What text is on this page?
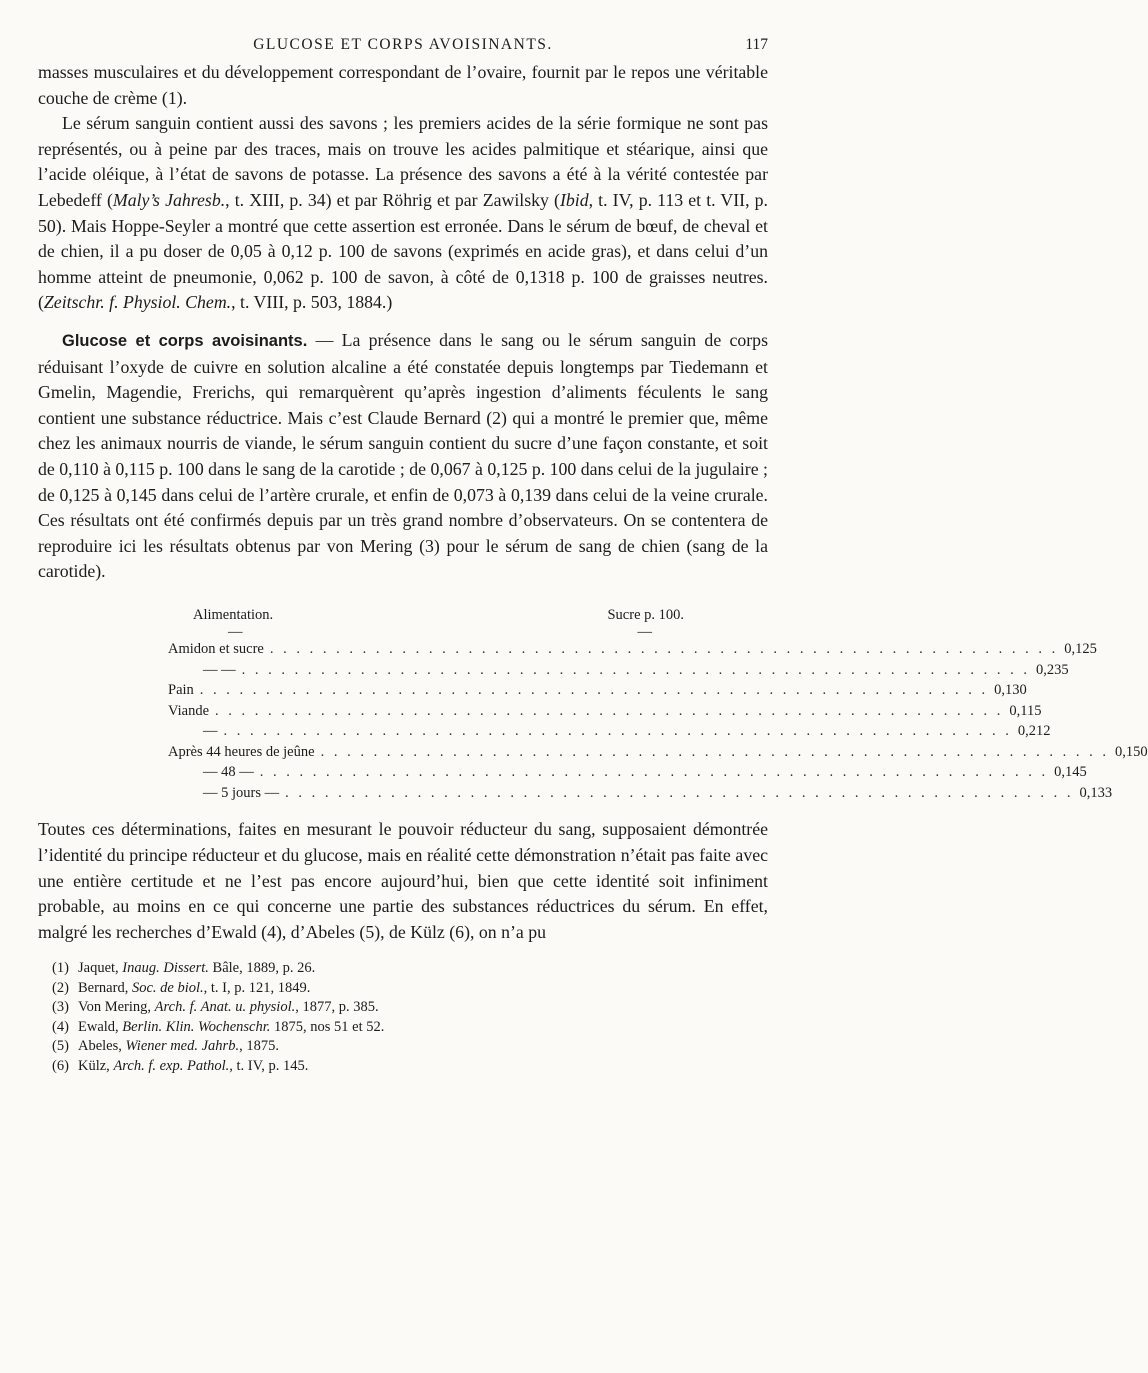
GLUCOSE ET CORPS AVOISINANTS.	117

masses musculaires et du développement correspondant de l’ovaire, fournit par le repos une véritable couche de crème (1).

Le sérum sanguin contient aussi des savons ; les premiers acides de la série formique ne sont pas représentés, ou à peine par des traces, mais on trouve les acides palmitique et stéarique, ainsi que l’acide oléique, à l’état de savons de potasse. La présence des savons a été à la vérité contestée par Lebedeff (Maly’s Jahresb., t. XIII, p. 34) et par Röhrig et par Zawilsky (Ibid, t. IV, p. 113 et t. VII, p. 50). Mais Hoppe-Seyler a montré que cette assertion est erronée. Dans le sérum de bœuf, de cheval et de chien, il a pu doser de 0,05 à 0,12 p. 100 de savons (exprimés en acide gras), et dans celui d’un homme atteint de pneumonie, 0,062 p. 100 de savon, à côté de 0,1318 p. 100 de graisses neutres. (Zeitschr. f. Physiol. Chem., t. VIII, p. 503, 1884.)

Glucose et corps avoisinants. — La présence dans le sang ou le sérum sanguin de corps réduisant l’oxyde de cuivre en solution alcaline a été constatée depuis longtemps par Tiedemann et Gmelin, Magendie, Frerichs, qui remarquèrent qu’après ingestion d’aliments féculents le sang contient une substance réductrice. Mais c’est Claude Bernard (2) qui a montré le premier que, même chez les animaux nourris de viande, le sérum sanguin contient du sucre d’une façon constante, et soit de 0,110 à 0,115 p. 100 dans le sang de la carotide ; de 0,067 à 0,125 p. 100 dans celui de la jugulaire ; de 0,125 à 0,145 dans celui de l’artère crurale, et enfin de 0,073 à 0,139 dans celui de la veine crurale. Ces résultats ont été confirmés depuis par un très grand nombre d’observateurs. On se contentera de reproduire ici les résultats obtenus par von Mering (3) pour le sérum de sang de chien (sang de la carotide).

Alimentation.	Sucre p. 100.
—	—
Amidon et sucre . . . . . . . . . . . . . . . . . . . . . . . . . . . . . . . . . . . . . . . . . . . . . . . . . . . . . . . . . . . . 0,125
— — . . . . . . . . . . . . . . . . . . . . . . . . . . . . . . . . . . . . . . . . . . . . . . . . . . . . . . . . . . . . 0,235
Pain . . . . . . . . . . . . . . . . . . . . . . . . . . . . . . . . . . . . . . . . . . . . . . . . . . . . . . . . . . . . 0,130
Viande . . . . . . . . . . . . . . . . . . . . . . . . . . . . . . . . . . . . . . . . . . . . . . . . . . . . . . . . . . . . 0,115
— . . . . . . . . . . . . . . . . . . . . . . . . . . . . . . . . . . . . . . . . . . . . . . . . . . . . . . . . . . . . 0,212
Après 44 heures de jeûne . . . . . . . . . . . . . . . . . . . . . . . . . . . . . . . . . . . . . . . . . . . . . . . . . . . . . . . . . . . . 0,150
— 48 — . . . . . . . . . . . . . . . . . . . . . . . . . . . . . . . . . . . . . . . . . . . . . . . . . . . . . . . . . . . . 0,145
— 5 jours — . . . . . . . . . . . . . . . . . . . . . . . . . . . . . . . . . . . . . . . . . . . . . . . . . . . . . . . . . . . . 0,133

Toutes ces déterminations, faites en mesurant le pouvoir réducteur du sang, supposaient démontrée l’identité du principe réducteur et du glucose, mais en réalité cette démonstration n’était pas faite avec une entière certitude et ne l’est pas encore aujourd’hui, bien que cette identité soit infiniment probable, au moins en ce qui concerne une partie des substances réductrices du sérum. En effet, malgré les recherches d’Ewald (4), d’Abeles (5), de Külz (6), on n’a pu

(1) Jaquet, Inaug. Dissert. Bâle, 1889, p. 26.
(2) Bernard, Soc. de biol., t. I, p. 121, 1849.
(3) Von Mering, Arch. f. Anat. u. physiol., 1877, p. 385.
(4) Ewald, Berlin. Klin. Wochenschr. 1875, nos 51 et 52.
(5) Abeles, Wiener med. Jahrb., 1875.
(6) Külz, Arch. f. exp. Pathol., t. IV, p. 145.
